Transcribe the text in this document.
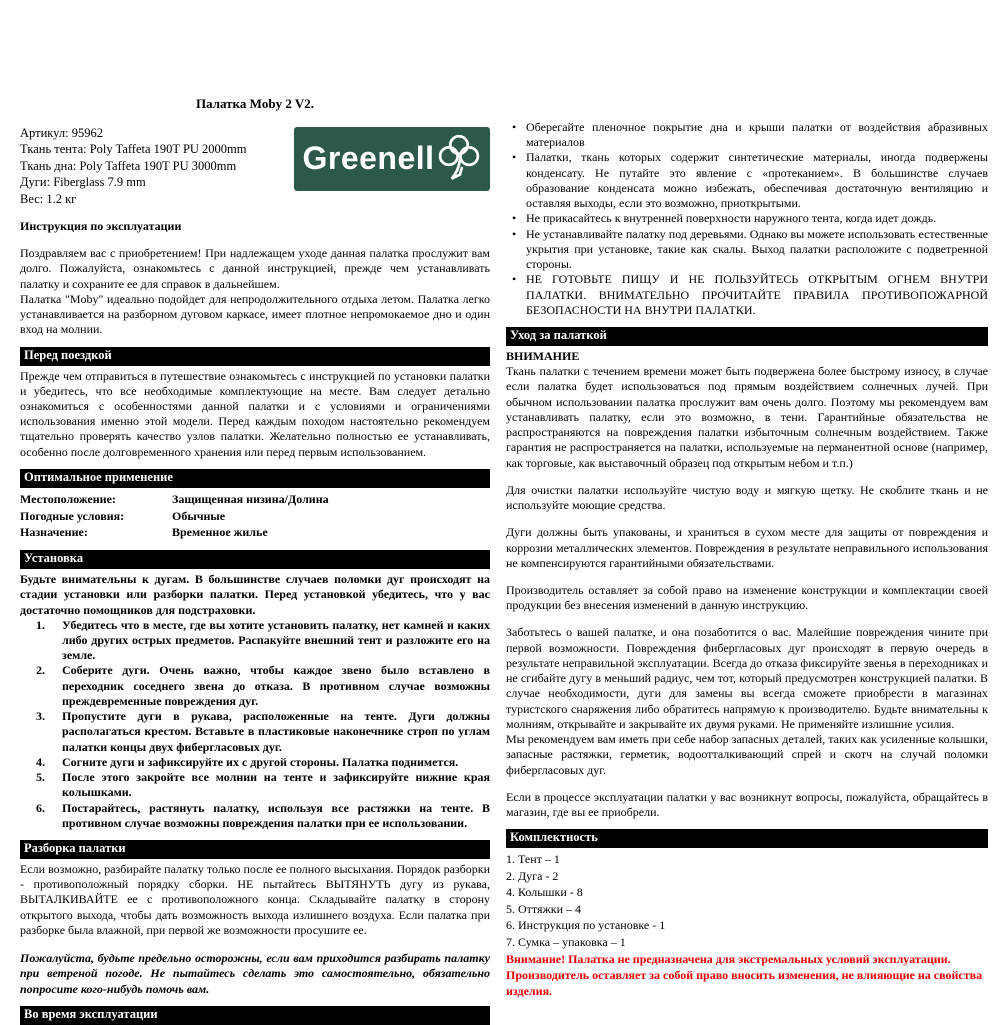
Палатка Moby 2 V2.
Артикул: 95962
Ткань тента: Poly Taffeta 190T PU 2000mm
Ткань дна: Poly Taffeta 190T PU 3000mm
Дуги: Fiberglass 7.9 mm
Вес: 1.2 кг
Greenell
Инструкция по эксплуатации

Поздравляем вас с приобретением! При надлежащем уходе данная палатка прослужит вам долго. Пожалуйста, ознакомьтесь с данной инструкцией, прежде чем устанавливать палатку и сохраните ее для справок в дальнейшем.

Палатка "Moby" идеально подойдет для непродолжительного отдыха летом. Палатка легко устанавливается на разборном дуговом каркасе, имеет плотное непромокаемое дно и один вход на молнии.

Перед поездкой

Прежде чем отправиться в путешествие ознакомьтесь с инструкцией по установки палатки и убедитесь, что все необходимые комплектующие на месте. Вам следует детально ознакомиться с особенностями данной палатки и с условиями и ограничениями использования именно этой модели. Перед каждым походом настоятельно рекомендуем тщательно проверять качество узлов палатки. Желательно полностью ее устанавливать, особенно после долговременного хранения или перед первым использованием.

Оптимальное применение
Местоположение:	Защищенная низина/Долина
Погодные условия:	Обычные
Назначение:	Временное жилье
Установка

Будьте внимательны к дугам. В большинстве случаев поломки дуг происходят на стадии установки или разборки палатки. Перед установкой убедитесь, что у вас достаточно помощников для подстраховки.

1.	Убедитесь что в месте, где вы хотите установить палатку, нет камней и каких либо других острых предметов. Распакуйте внешний тент и разложите его на земле.
2.	Соберите дуги. Очень важно, чтобы каждое звено было вставлено в переходник соседнего звена до отказа. В противном случае возможны преждевременные повреждения дуг.
3.	Пропустите дуги в рукава, расположенные на тенте. Дуги должны располагаться крестом. Вставьте в пластиковые наконечнике строп по углам палатки концы двух фибергласовых дуг.
4.	Согните дуги и зафиксируйте их с другой стороны. Палатка поднимется.
5.	После этого закройте все молнии на тенте и зафиксируйте нижние края колышками.
6.	Постарайтесь, растянуть палатку, используя все растяжки на тенте. В противном случае возможны повреждения палатки при ее использовании.
Разборка палатки

Если возможно, разбирайте палатку только после ее полного высыхания. Порядок разборки - противоположный порядку сборки. НЕ пытайтесь ВЫТЯНУТЬ дугу из рукава, ВЫТАЛКИВАЙТЕ ее с противоположного конца. Складывайте палатку в сторону открытого выхода, чтобы дать возможность выхода излишнего воздуха. Если палатка при разборке была влажной, при первой же возможности просушите ее.

Пожалуйста, будьте предельно осторожны, если вам приходится разбирать палатку при ветреной погоде. Не пытайтесь сделать это самостоятельно, обязательно попросите кого-нибудь помочь вам.

Во время эксплуатации
• Оберегайте пленочное покрытие дна и крыши палатки от воздействия абразивных материалов
• Палатки, ткань которых содержит синтетические материалы, иногда подвержены конденсату. Не путайте это явление с «протеканием». В большинстве случаев образование конденсата можно избежать, обеспечивая достаточную вентиляцию и оставляя выходы, если это возможно, приоткрытыми.
• Не прикасайтесь к внутренней поверхности наружного тента, когда идет дождь.
• Не устанавливайте палатку под деревьями. Однако вы можете использовать естественные укрытия при установке, такие как скалы. Выход палатки расположите с подветренной стороны.
• НЕ ГОТОВЬТЕ ПИЩУ И НЕ ПОЛЬЗУЙТЕСЬ ОТКРЫТЫМ ОГНЕМ ВНУТРИ ПАЛАТКИ. ВНИМАТЕЛЬНО ПРОЧИТАЙТЕ ПРАВИЛА ПРОТИВОПОЖАРНОЙ БЕЗОПАСНОСТИ НА ВНУТРИ ПАЛАТКИ.
Уход за палаткой

ВНИМАНИЕ

Ткань палатки с течением времени может быть подвержена более быстрому износу, в случае если палатка будет использоваться под прямым воздействием солнечных лучей. При обычном использовании палатка прослужит вам очень долго. Поэтому мы рекомендуем вам устанавливать палатку, если это возможно, в тени. Гарантийные обязательства не распространяются на повреждения палатки избыточным солнечным воздействием. Также гарантия не распространяется на палатки, используемые на перманентной основе (например, как торговые, как выставочный образец под открытым небом и т.п.)

Для очистки палатки используйте чистую воду и мягкую щетку. Не скоблите ткань и не используйте моющие средства.

Дуги должны быть упакованы, и храниться в сухом месте для защиты от повреждения и коррозии металлических элементов. Повреждения в результате неправильного использования не компенсируются гарантийными обязательствами.

Производитель оставляет за собой право на изменение конструкции и комплектации своей продукции без внесения изменений в данную инструкцию.

Заботьтесь о вашей палатке, и она позаботится о вас. Малейшие повреждения чините при первой возможности. Повреждения фибергласовых дуг происходят в первую очередь в результате неправильной эксплуатации. Всегда до отказа фиксируйте звенья в переходниках и не сгибайте дугу в меньший радиус, чем тот, который предусмотрен конструкцией палатки. В случае необходимости, дуги для замены вы всегда сможете приобрести в магазинах туристского снаряжения либо обратитесь напрямую к производителю. Будьте внимательны к молниям, открывайте и закрывайте их двумя руками. Не применяйте излишние усилия.

Мы рекомендуем вам иметь при себе набор запасных деталей, таких как усиленные колышки, запасные растяжки, герметик, водоотталкивающий спрей и скотч на случай поломки фибергласовых дуг.

Если в процессе эксплуатации палатки у вас возникнут вопросы, пожалуйста, обращайтесь в магазин, где вы ее приобрели.

Комплектность
1. Тент – 1
2. Дуга - 2
4. Колышки - 8
5. Оттяжки – 4
6. Инструкция по установке - 1
7. Сумка – упаковка – 1

Внимание! Палатка не предназначена для экстремальных условий эксплуатации. Производитель оставляет за собой право вносить изменения, не влияющие на свойства изделия.
